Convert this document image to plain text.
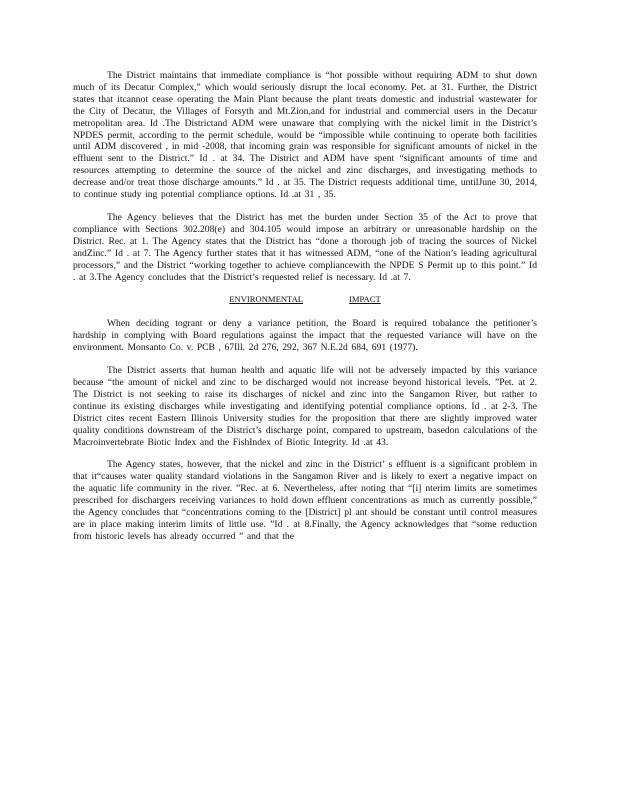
The District maintains that immediate compliance is “hot possible without requiring ADM to shut down much of its Decatur Complex,” which would seriously disrupt the local economy. Pet. at 31. Further, the District states that itcannot cease operating the Main Plant because the plant treats domestic and industrial wastewater for the City of Decatur, the Villages of Forsyth and Mt.Zion,and for industrial and commercial users in the Decatur metropolitan area. Id .The Districtand ADM were unaware that complying with the nickel limit in the District’s NPDES permit, according to the permit schedule, would be “impossible while continuing to operate both facilities until ADM discovered , in mid -2008, that incoming grain was responsible for significant amounts of nickel in the effluent sent to the District.” Id . at 34. The District and ADM have spent “significant amounts of time and resources attempting to determine the source of the nickel and zinc discharges, and investigating methods to decrease and/or treat those discharge amounts.” Id . at 35. The District requests additional time, untilJune 30, 2014, to continue study ing potential compliance options. Id .at 31 , 35.

The Agency believes that the District has met the burden under Section 35 of the Act to prove that compliance with Sections 302.208(e) and 304.105 would impose an arbitrary or unreasonable hardship on the District. Rec. at 1. The Agency states that the District has “done a thorough job of tracing the sources of Nickel andZinc.” Id . at 7. The Agency further states that it has witnessed ADM, “one of the Nation’s leading agricultural processors,” and the District “working together to achieve compliancewith the NPDE S Permit up to this point.” Id . at 3.The Agency concludes that the District’s requested relief is necessary. Id .at 7.

ENVIRONMENTAL	IMPACT

When deciding togrant or deny a variance petition, the Board is required tobalance the petitioner’s hardship in complying with Board regulations against the impact that the requested variance will have on the environment. Monsanto Co. v. PCB , 67Ill. 2d 276, 292, 367 N.E.2d 684, 691 (1977).

The District asserts that human health and aquatic life will not be adversely impacted by this variance because “the amount of nickel and zinc to be discharged would not increase beyond historical levels. ”Pet. at 2. The District is not seeking to raise its discharges of nickel and zinc into the Sangamon River, but rather to continue its existing discharges while investigating and identifying potential compliance options. Id . at 2-3. The District cites recent Eastern Illinois University studies for the proposition that there are slightly improved water quality conditions downstream of the District’s discharge point, compared to upstream, basedon calculations of the Macroinvertebrate Biotic Index and the FishIndex of Biotic Integrity. Id .at 43.

The Agency states, however, that the nickel and zinc in the District’ s effluent is a significant problem in that it“causes water quality standard violations in the Sangamon River and is likely to exert a negative impact on the aquatic life community in the river. ”Rec. at 6. Nevertheless, after noting that “[i] nterim limits are sometimes prescribed for dischargers receiving variances to hold down effluent concentrations as much as currently possible,” the Agency concludes that “concentrations coming to the [District] pl ant should be constant until control measures are in place making interim limits of little use. ”Id . at 8.Finally, the Agency acknowledges that “some reduction from historic levels has already occurred ” and that the
